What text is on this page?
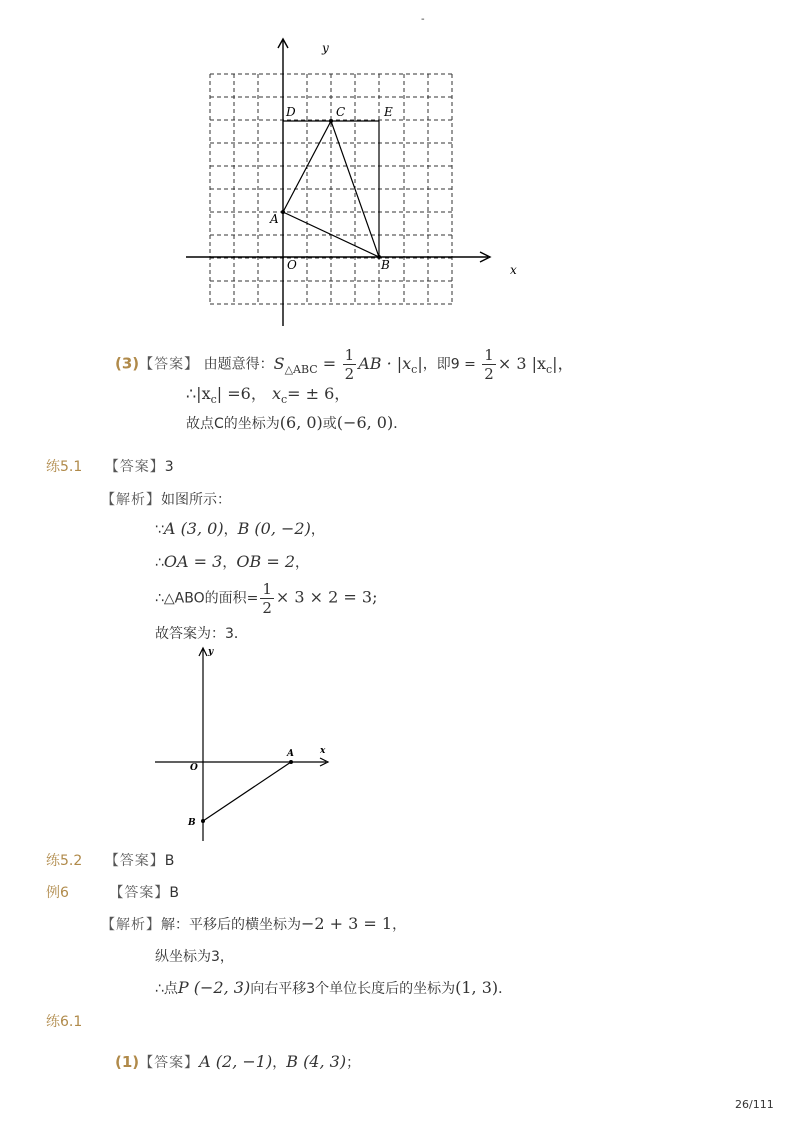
-
y
x
O
A
B
C
D	E
(3)【答案】 由题意得：$S_{\triangle ABC} = \frac{1}{2}$ AB · $|x_c|$，即$9 = \frac{1}{2} \times 3$ $|x_c|$，
$\therefore|x_c| =6$， $x_c= \pm 6$，
故点C的坐标为(6, 0)或(−6, 0)．
练5.1 【答案】3
【解析】如图所示：
∵A (3, 0)，B (0, −2)，
∴OA = 3，OB = 2，
∴△ABO的面积= $\frac{1}{2} \times 3 \times 2 = 3$;
故答案为：3．
y
x
O
A
B
练5.2 【答案】B
例6	【答案】B
【解析】解：平移后的横坐标为−2 + 3 = 1，
纵坐标为3，
∴点P (−2, 3)向右平移3个单位长度后的坐标为(1, 3)．
练6.1
(1)【答案】A (2, −1)，B (4, 3)；
26/111
